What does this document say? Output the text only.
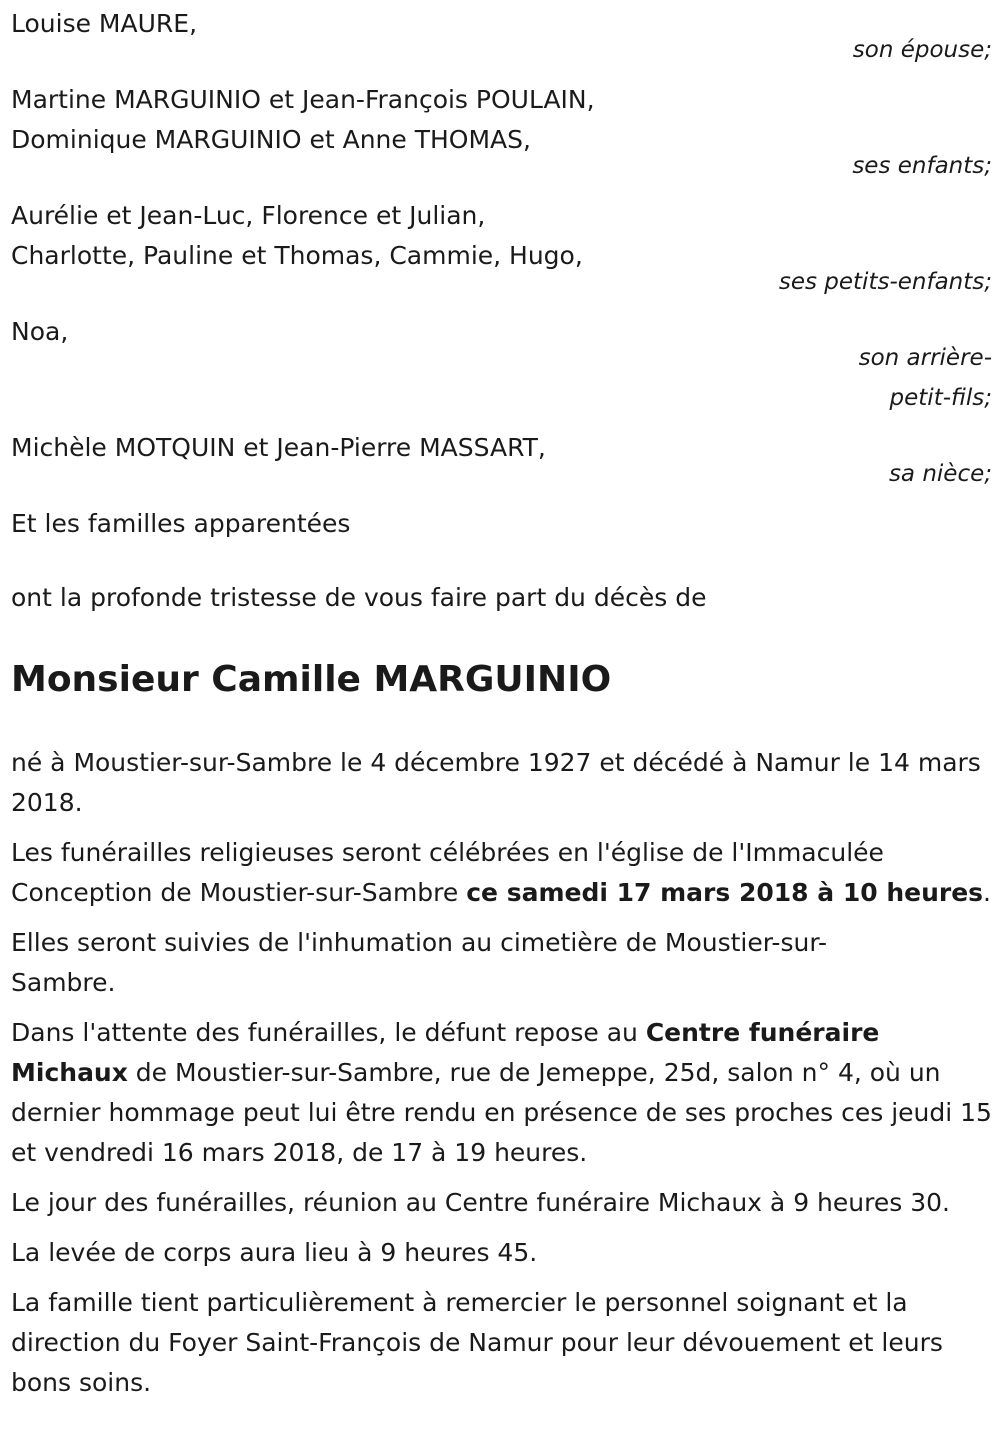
Louise MAURE,
son épouse;
Martine MARGUINIO et Jean-François POULAIN,
Dominique MARGUINIO et Anne THOMAS,
ses enfants;
Aurélie et Jean-Luc, Florence et Julian,
Charlotte, Pauline et Thomas, Cammie, Hugo,
ses petits-enfants;
Noa,
son arrière-
petit-fils;
Michèle MOTQUIN et Jean-Pierre MASSART,
sa nièce;
Et les familles apparentées
ont la profonde tristesse de vous faire part du décès de
Monsieur Camille MARGUINIO
né à Moustier-sur-Sambre le 4 décembre 1927 et décédé à Namur le 14 mars 2018.
Les funérailles religieuses seront célébrées en l'église de l'Immaculée Conception de Moustier-sur-Sambre ce samedi 17 mars 2018 à 10 heures.
Elles seront suivies de l'inhumation au cimetière de Moustier-sur-Sambre.
Dans l'attente des funérailles, le défunt repose au Centre funéraire Michaux de Moustier-sur-Sambre, rue de Jemeppe, 25d, salon n° 4, où un dernier hommage peut lui être rendu en présence de ses proches ces jeudi 15 et vendredi 16 mars 2018, de 17 à 19 heures.
Le jour des funérailles, réunion au Centre funéraire Michaux à 9 heures 30.
La levée de corps aura lieu à 9 heures 45.
La famille tient particulièrement à remercier le personnel soignant et la direction du Foyer Saint-François de Namur pour leur dévouement et leurs bons soins.
